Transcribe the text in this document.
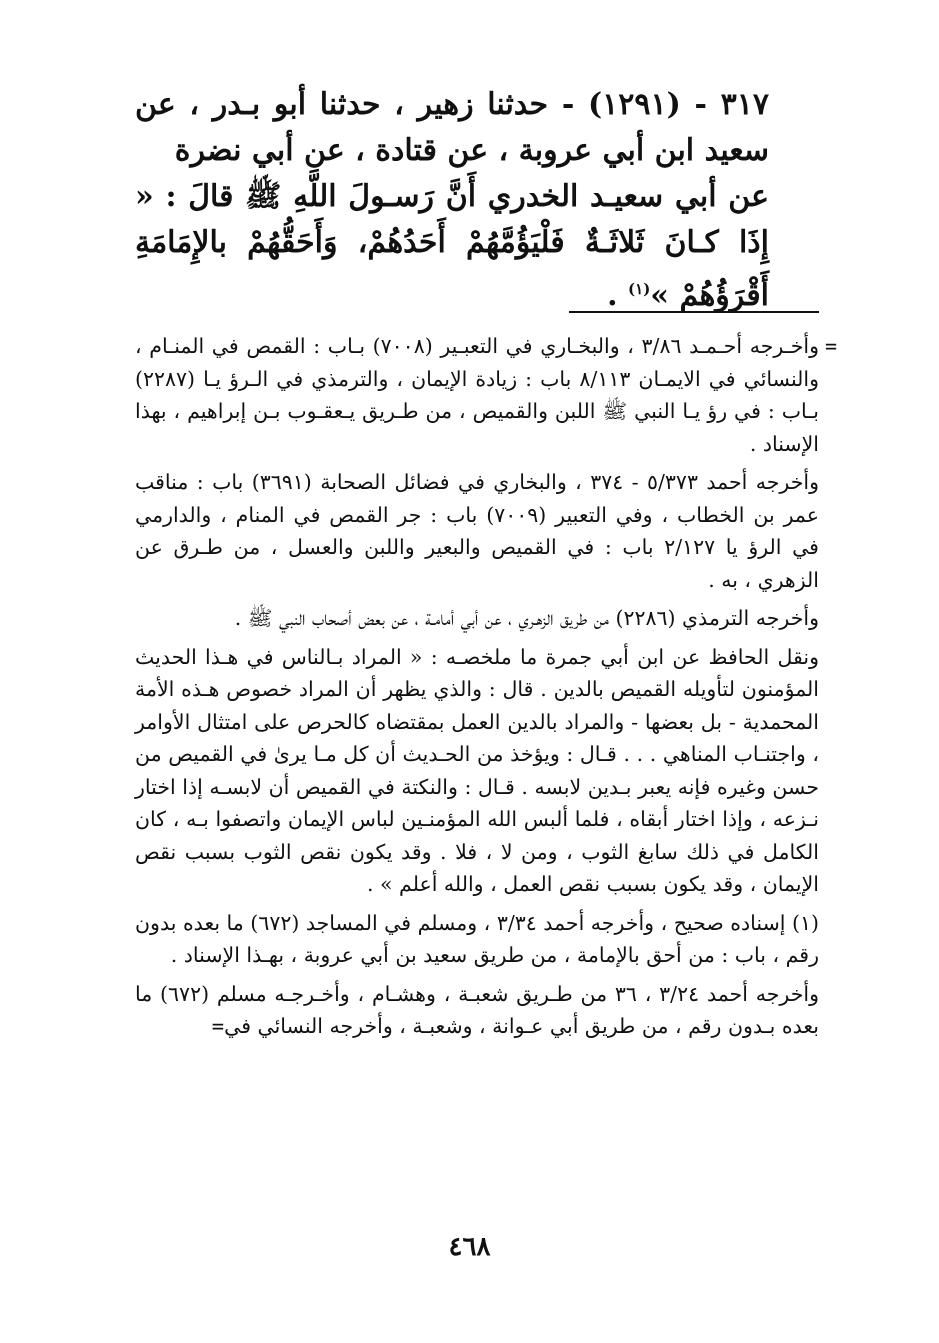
٣١٧ - (١٢٩١) - حدثنا زهير ، حدثنا أبو بـدر ، عن سعيد ابن أبي عروبة ، عن قتادة ، عن أبي نضرة

عن أبي سعيـد الخدري أَنَّ رَسـولَ اللَّهِ ﷺ قالَ : « إِذَا كـانَ ثَلاثَـةٌ فَلْيَؤُمَّهُمْ أَحَدُهُمْ، وَأَحَقُّهُمْ بالإِمَامَةِ أَقْرَؤُهُمْ »$^{(١)}$ .

=

وأخـرجه أحـمـد ٣/٨٦ ، والبخـاري في التعبـير (٧٠٠٨) بـاب : القمص في المنـام ، والنسائي في الايمـان ٨/١١٣ باب : زيادة الإيمان ، والترمذي في الـرؤ يـا (٢٢٨٧) بـاب : في رؤ يـا النبي ﷺ اللبن والقميص ، من طـريق يـعقـوب بـن إبراهيم ، بهذا الإسناد .

وأخرجه أحمد ٥/٣٧٣ - ٣٧٤ ، والبخاري في فضائل الصحابة (٣٦٩١) باب : مناقب عمر بن الخطاب ، وفي التعبير (٧٠٠٩) باب : جر القمص في المنام ، والدارمي في الرؤ يا ٢/١٢٧ باب : في القميص والبعير واللبن والعسل ، من طـرق عن الزهري ، به .

وأخرجه الترمذي (٢٢٨٦) من طريق الزهـري ، عن أبي أمامـة ، عن بعض أصحاب النبي ﷺ .

ونقل الحافظ عن ابن أبي جمرة ما ملخصـه : « المراد بـالناس في هـذا الحديث المؤمنون لتأويله القميص بالدين . قال : والذي يظهر أن المراد خصوص هـذه الأمة المحمدية - بل بعضها - والمراد بالدين العمل بمقتضاه كالحرص على امتثال الأوامر ، واجتنـاب المناهي . . . قـال : ويؤخذ من الحـديث أن كل مـا يرىٰ في القميص من حسن وغيره فإنه يعبر بـدين لابسه . قـال : والنكتة في القميص أن لابسـه إذا اختار نـزعه ، وإذا اختار أبقاه ، فلما ألبس الله المؤمنـين لباس الإيمان واتصفوا بـه ، كان الكامل في ذلك سابغ الثوب ، ومن لا ، فلا . وقد يكون نقص الثوب بسبب نقص الإيمان ، وقد يكون بسبب نقص العمل ، والله أعلم » .

(١) إسناده صحيح ، وأخرجه أحمد ٣/٣٤ ، ومسلم في المساجد (٦٧٢) ما بعده بدون رقم ، باب : من أحق بالإمامة ، من طريق سعيد بن أبي عروبة ، بهـذا الإسناد .

وأخرجه أحمد ٣/٢٤ ، ٣٦ من طـريق شعبـة ، وهشـام ، وأخـرجـه مسلم (٦٧٢) ما بعده بـدون رقم ، من طريق أبي عـوانة ، وشعبـة ، وأخرجه النسائي في=

٤٦٨
